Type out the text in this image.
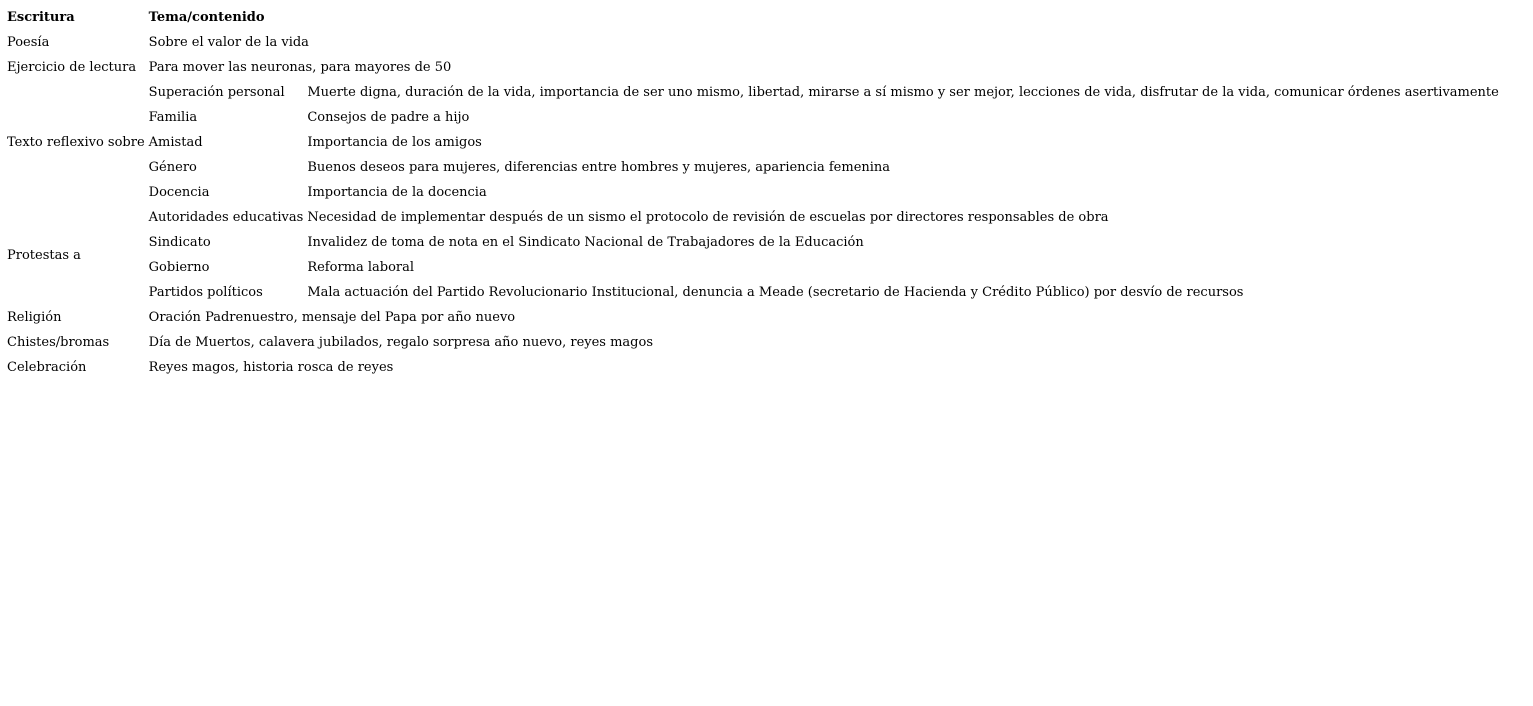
Escritura	Tema/contenido	
Poesía	Sobre el valor de la vida	
Ejercicio de lectura	Para mover las neuronas, para mayores de 50	
Texto reflexivo sobre	Superación personal	Muerte digna, duración de la vida, importancia de ser uno mismo, libertad, mirarse a sí mismo y ser mejor, lecciones de vida, disfrutar de la vida, comunicar órdenes asertivamente
	Familia	Consejos de padre a hijo
	Amistad	Importancia de los amigos
	Género	Buenos deseos para mujeres, diferencias entre hombres y mujeres, apariencia femenina
	Docencia	Importancia de la docencia
Protestas a	Autoridades educativas	Necesidad de implementar después de un sismo el protocolo de revisión de escuelas por directores responsables de obra
	Sindicato	Invalidez de toma de nota en el Sindicato Nacional de Trabajadores de la Educación
	Gobierno	Reforma laboral
	Partidos políticos	Mala actuación del Partido Revolucionario Institucional, denuncia a Meade (secretario de Hacienda y Crédito Público) por desvío de recursos
Religión	Oración Padrenuestro, mensaje del Papa por año nuevo	
Chistes/bromas	Día de Muertos, calavera jubilados, regalo sorpresa año nuevo, reyes magos	
Celebración	Reyes magos, historia rosca de reyes	
